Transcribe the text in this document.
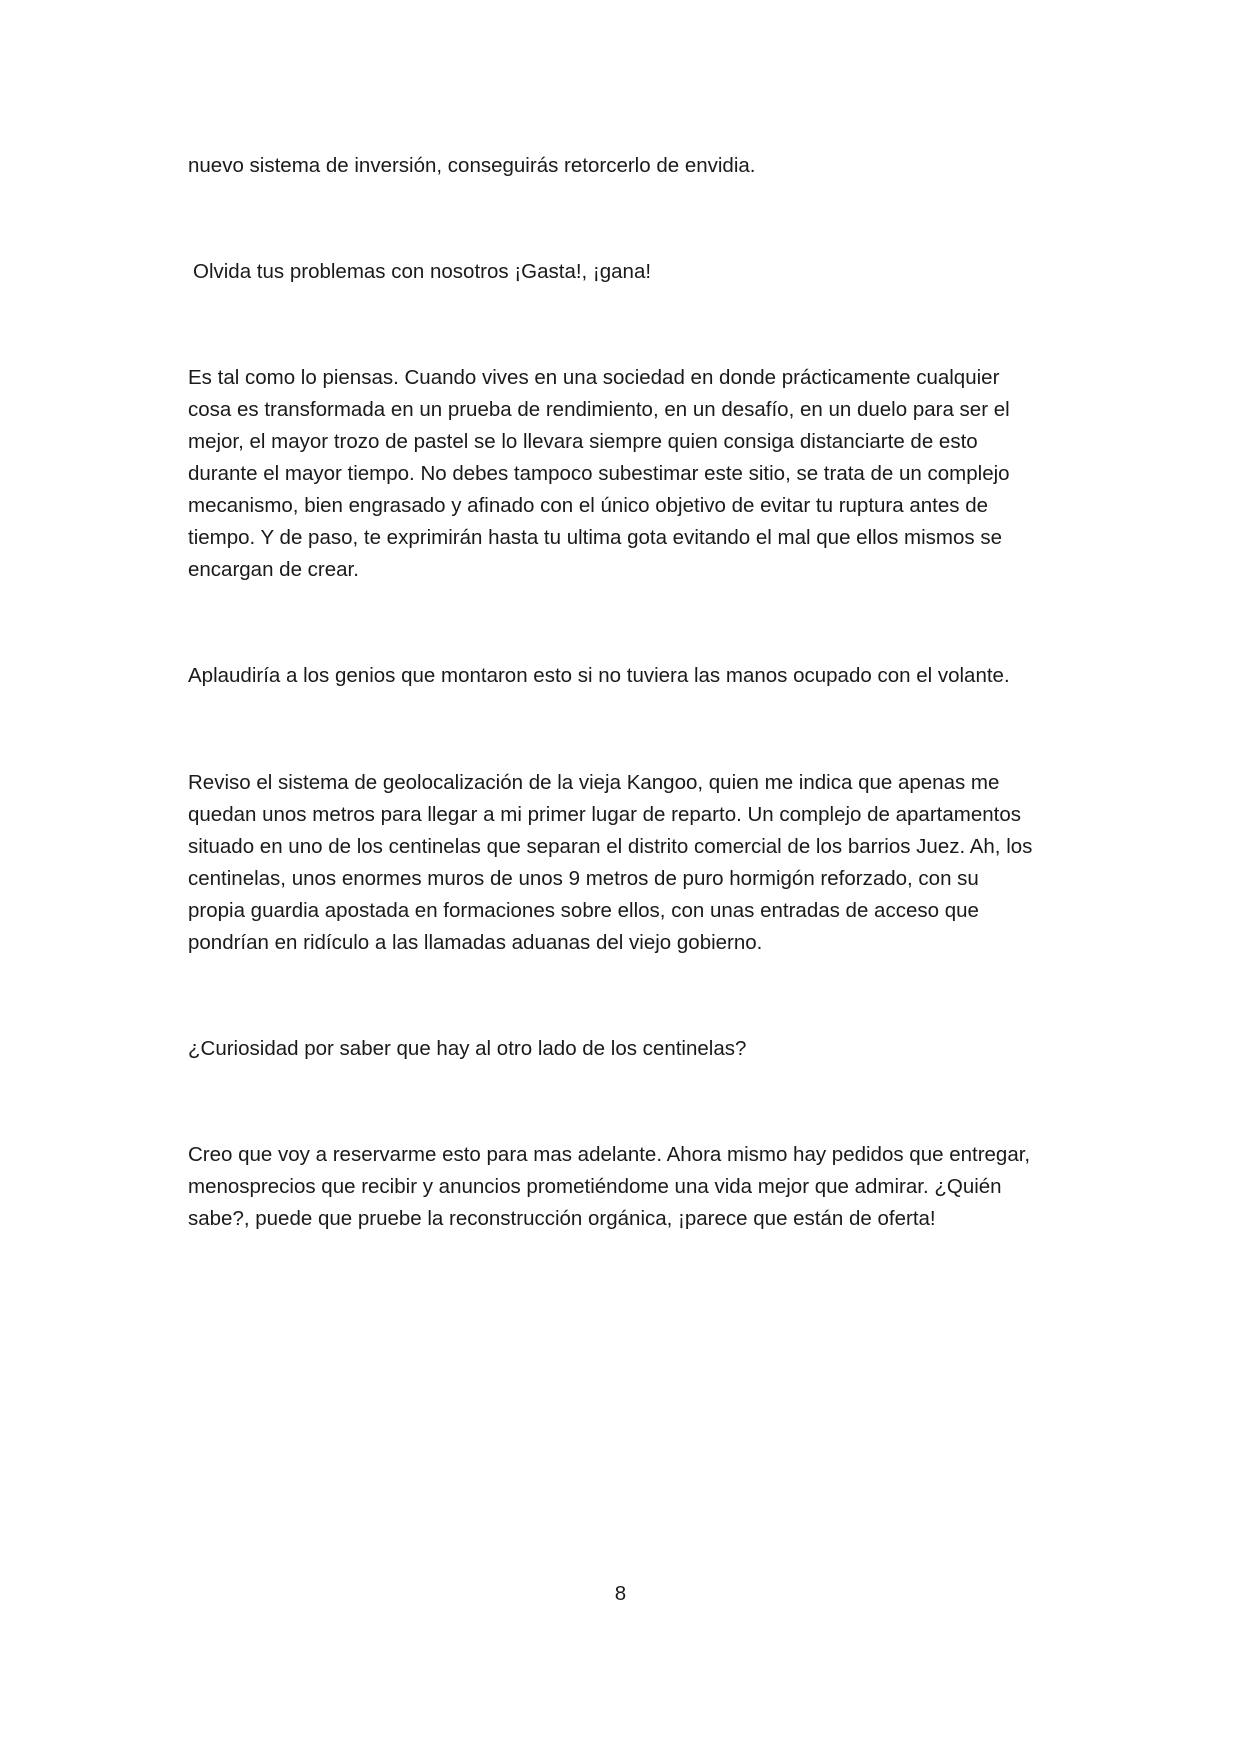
nuevo sistema de inversión, conseguirás retorcerlo de envidia.

Olvida tus problemas con nosotros ¡Gasta!, ¡gana!

Es tal como lo piensas. Cuando vives en una sociedad en donde prácticamente cualquier
cosa es transformada en un prueba de rendimiento, en un desafío, en un duelo para ser el
mejor, el mayor trozo de pastel se lo llevara siempre quien consiga distanciarte de esto
durante el mayor tiempo. No debes tampoco subestimar este sitio, se trata de un complejo
mecanismo, bien engrasado y afinado con el único objetivo de evitar tu ruptura antes de
tiempo. Y de paso, te exprimirán hasta tu ultima gota evitando el mal que ellos mismos se
encargan de crear.

Aplaudiría a los genios que montaron esto si no tuviera las manos ocupado con el volante.

Reviso el sistema de geolocalización de la vieja Kangoo, quien me indica que apenas me
quedan unos metros para llegar a mi primer lugar de reparto. Un complejo de apartamentos
situado en uno de los centinelas que separan el distrito comercial de los barrios Juez. Ah, los
centinelas, unos enormes muros de unos 9 metros de puro hormigón reforzado, con su
propia guardia apostada en formaciones sobre ellos, con unas entradas de acceso que
pondrían en ridículo a las llamadas aduanas del viejo gobierno.

¿Curiosidad por saber que hay al otro lado de los centinelas?

Creo que voy a reservarme esto para mas adelante. Ahora mismo hay pedidos que entregar,
menosprecios que recibir y anuncios prometiéndome una vida mejor que admirar. ¿Quién
sabe?, puede que pruebe la reconstrucción orgánica, ¡parece que están de oferta!

8
